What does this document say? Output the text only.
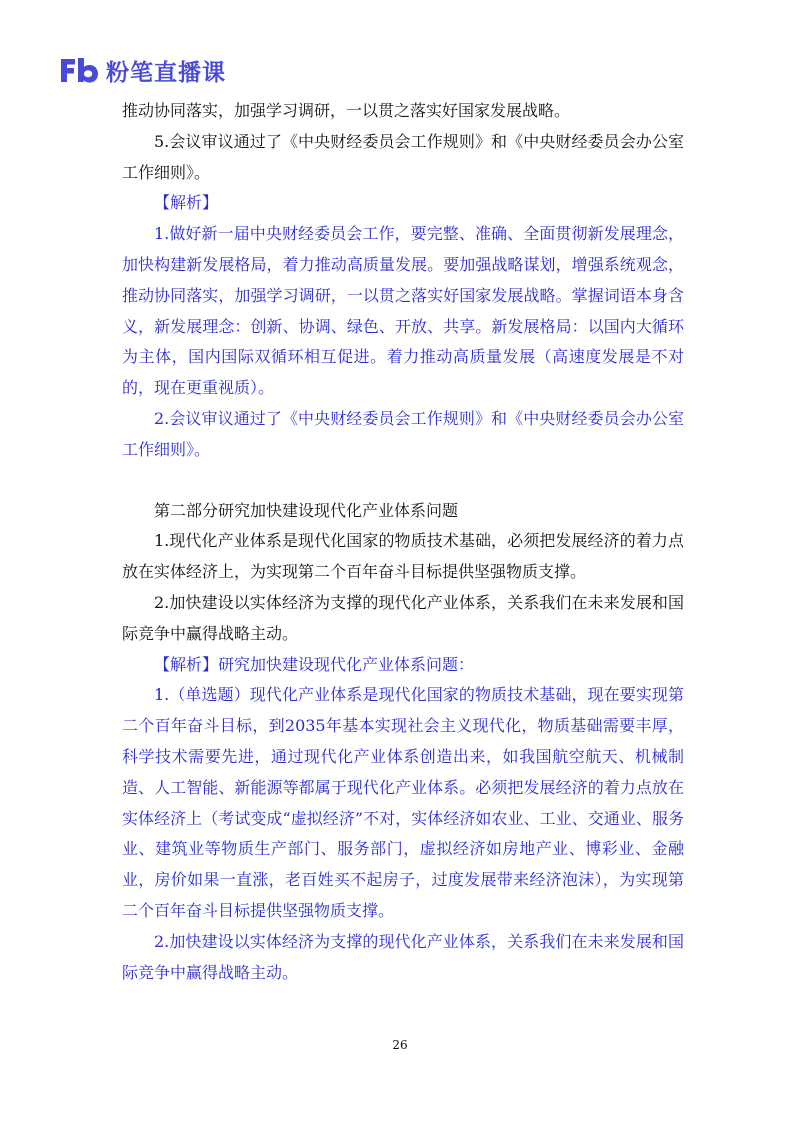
粉笔直播课

推动协同落实，加强学习调研，一以贯之落实好国家发展战略。

5.会议审议通过了《中央财经委员会工作规则》和《中央财经委员会办公室工作细则》。

【解析】

1.做好新一届中央财经委员会工作，要完整、准确、全面贯彻新发展理念，加快构建新发展格局，着力推动高质量发展。要加强战略谋划，增强系统观念，推动协同落实，加强学习调研，一以贯之落实好国家发展战略。掌握词语本身含义，新发展理念：创新、协调、绿色、开放、共享。新发展格局：以国内大循环为主体，国内国际双循环相互促进。着力推动高质量发展（高速度发展是不对的，现在更重视质）。

2.会议审议通过了《中央财经委员会工作规则》和《中央财经委员会办公室工作细则》。

第二部分研究加快建设现代化产业体系问题

1.现代化产业体系是现代化国家的物质技术基础，必须把发展经济的着力点放在实体经济上，为实现第二个百年奋斗目标提供坚强物质支撑。

2.加快建设以实体经济为支撑的现代化产业体系，关系我们在未来发展和国际竞争中赢得战略主动。

【解析】研究加快建设现代化产业体系问题：

1.（单选题）现代化产业体系是现代化国家的物质技术基础，现在要实现第二个百年奋斗目标，到2035年基本实现社会主义现代化，物质基础需要丰厚，科学技术需要先进，通过现代化产业体系创造出来，如我国航空航天、机械制造、人工智能、新能源等都属于现代化产业体系。必须把发展经济的着力点放在实体经济上（考试变成“虚拟经济”不对，实体经济如农业、工业、交通业、服务业、建筑业等物质生产部门、服务部门，虚拟经济如房地产业、博彩业、金融业，房价如果一直涨，老百姓买不起房子，过度发展带来经济泡沫），为实现第二个百年奋斗目标提供坚强物质支撑。

2.加快建设以实体经济为支撑的现代化产业体系，关系我们在未来发展和国际竞争中赢得战略主动。

26
